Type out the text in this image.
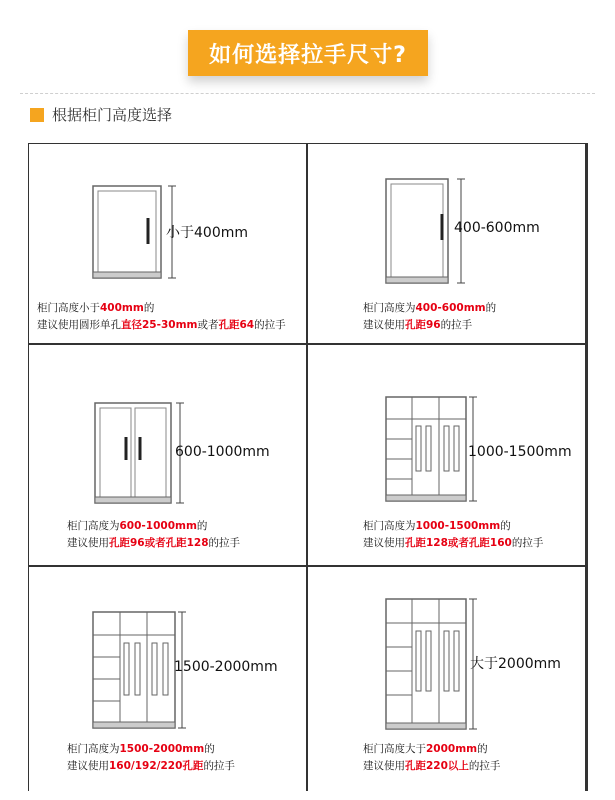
如何选择拉手尺寸?
根据柜门高度选择
小于400mm
柜门高度小于400mm的
建议使用圆形单孔直径25-30mm或者孔距64的拉手
400-600mm
柜门高度为400-600mm的
建议使用孔距96的拉手
600-1000mm
柜门高度为600-1000mm的
建议使用孔距96或者孔距128的拉手
1000-1500mm
柜门高度为1000-1500mm的
建议使用孔距128或者孔距160的拉手
1500-2000mm
柜门高度为1500-2000mm的
建议使用160/192/220孔距的拉手
大于2000mm
柜门高度大于2000mm的
建议使用孔距220以上的拉手
